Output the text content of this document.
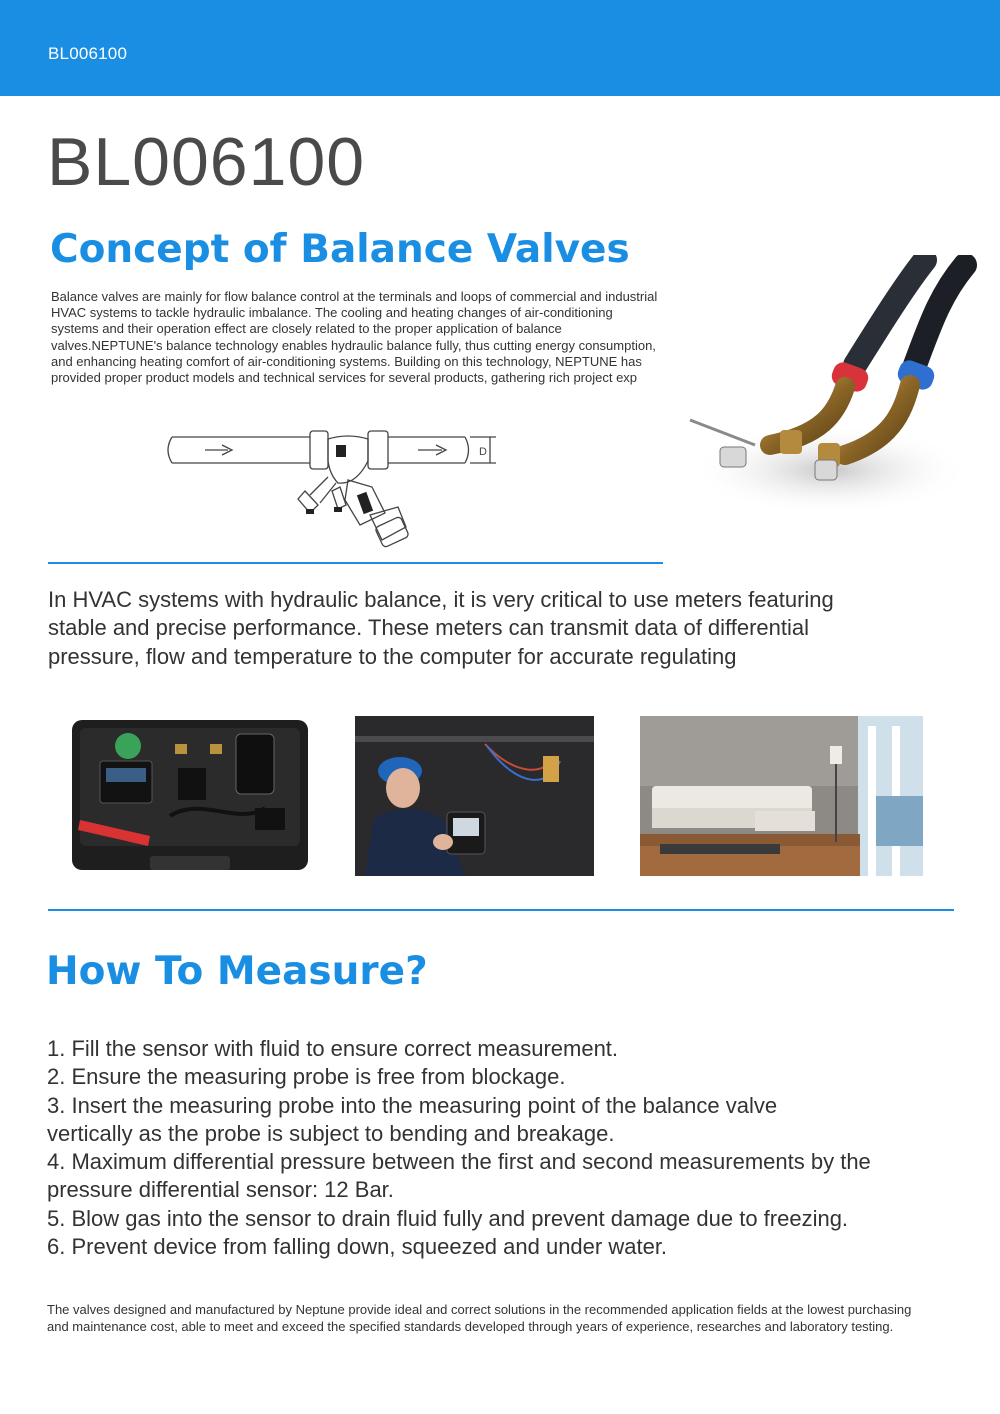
BL006100
BL006100
Concept of Balance Valves
Balance valves are mainly for flow balance control at the terminals and loops of commercial and industrial HVAC systems to tackle hydraulic imbalance. The cooling and heating changes of air-conditioning systems and their operation effect are closely related to the proper application of balance valves.NEPTUNE's balance technology enables hydraulic balance fully, thus cutting energy consumption, and enhancing heating comfort of air-conditioning systems. Building on this technology, NEPTUNE has provided proper product models and technical services for several products, gathering rich project exp
D
In HVAC systems with hydraulic balance, it is very critical to use meters featuring stable and precise performance. These meters can transmit data of differential pressure, flow and temperature to the computer for accurate regulating
How To Measure?
1. Fill the sensor with fluid to ensure correct measurement.
2. Ensure the measuring probe is free from blockage.
3. Insert the measuring probe into the measuring point of the balance valve vertically as the probe is subject to bending and breakage.
4. Maximum differential pressure between the first and second measurements by the pressure differential sensor: 12 Bar.
5. Blow gas into the sensor to drain fluid fully and prevent damage due to freezing.
6. Prevent device from falling down, squeezed and under water.
The valves designed and manufactured by Neptune provide ideal and correct solutions in the recommended application fields at the lowest purchasing and maintenance cost, able to meet and exceed the specified standards developed through years of experience, researches and laboratory testing.
